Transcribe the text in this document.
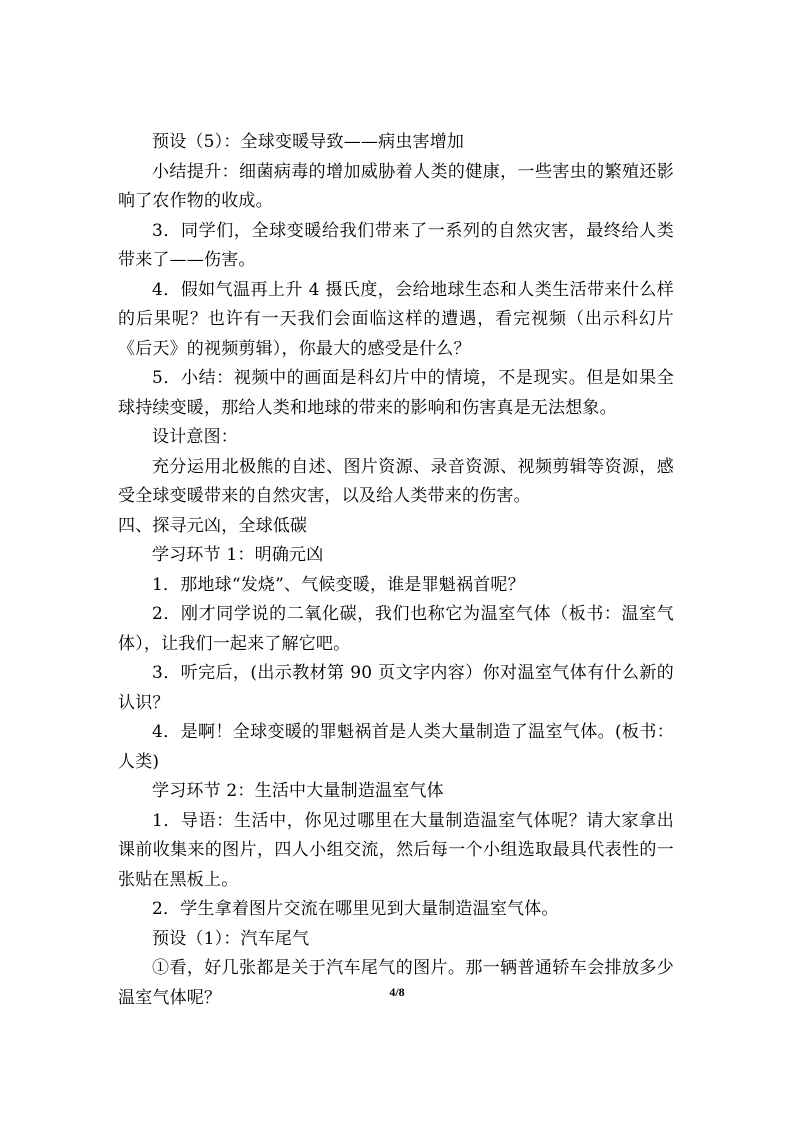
预设（5）：全球变暖导致——病虫害增加

小结提升：细菌病毒的增加威胁着人类的健康，一些害虫的繁殖还影响了农作物的收成。

3．同学们，全球变暖给我们带来了一系列的自然灾害，最终给人类带来了——伤害。

4．假如气温再上升 4 摄氏度，会给地球生态和人类生活带来什么样的后果呢？也许有一天我们会面临这样的遭遇，看完视频（出示科幻片《后天》的视频剪辑），你最大的感受是什么？

5．小结：视频中的画面是科幻片中的情境，不是现实。但是如果全球持续变暖，那给人类和地球的带来的影响和伤害真是无法想象。

设计意图：

充分运用北极熊的自述、图片资源、录音资源、视频剪辑等资源，感受全球变暖带来的自然灾害，以及给人类带来的伤害。

四、探寻元凶，全球低碳

学习环节 1：明确元凶

1．那地球“发烧”、气候变暖，谁是罪魁祸首呢？

2．刚才同学说的二氧化碳，我们也称它为温室气体（板书：温室气体），让我们一起来了解它吧。

3．听完后，(出示教材第 90 页文字内容）你对温室气体有什么新的认识？

4．是啊！全球变暖的罪魁祸首是人类大量制造了温室气体。(板书：人类)

学习环节 2：生活中大量制造温室气体

1．导语：生活中，你见过哪里在大量制造温室气体呢？请大家拿出课前收集来的图片，四人小组交流，然后每一个小组选取最具代表性的一张贴在黑板上。

2．学生拿着图片交流在哪里见到大量制造温室气体。

预设（1）：汽车尾气

①看，好几张都是关于汽车尾气的图片。那一辆普通轿车会排放多少温室气体呢？	4/8
